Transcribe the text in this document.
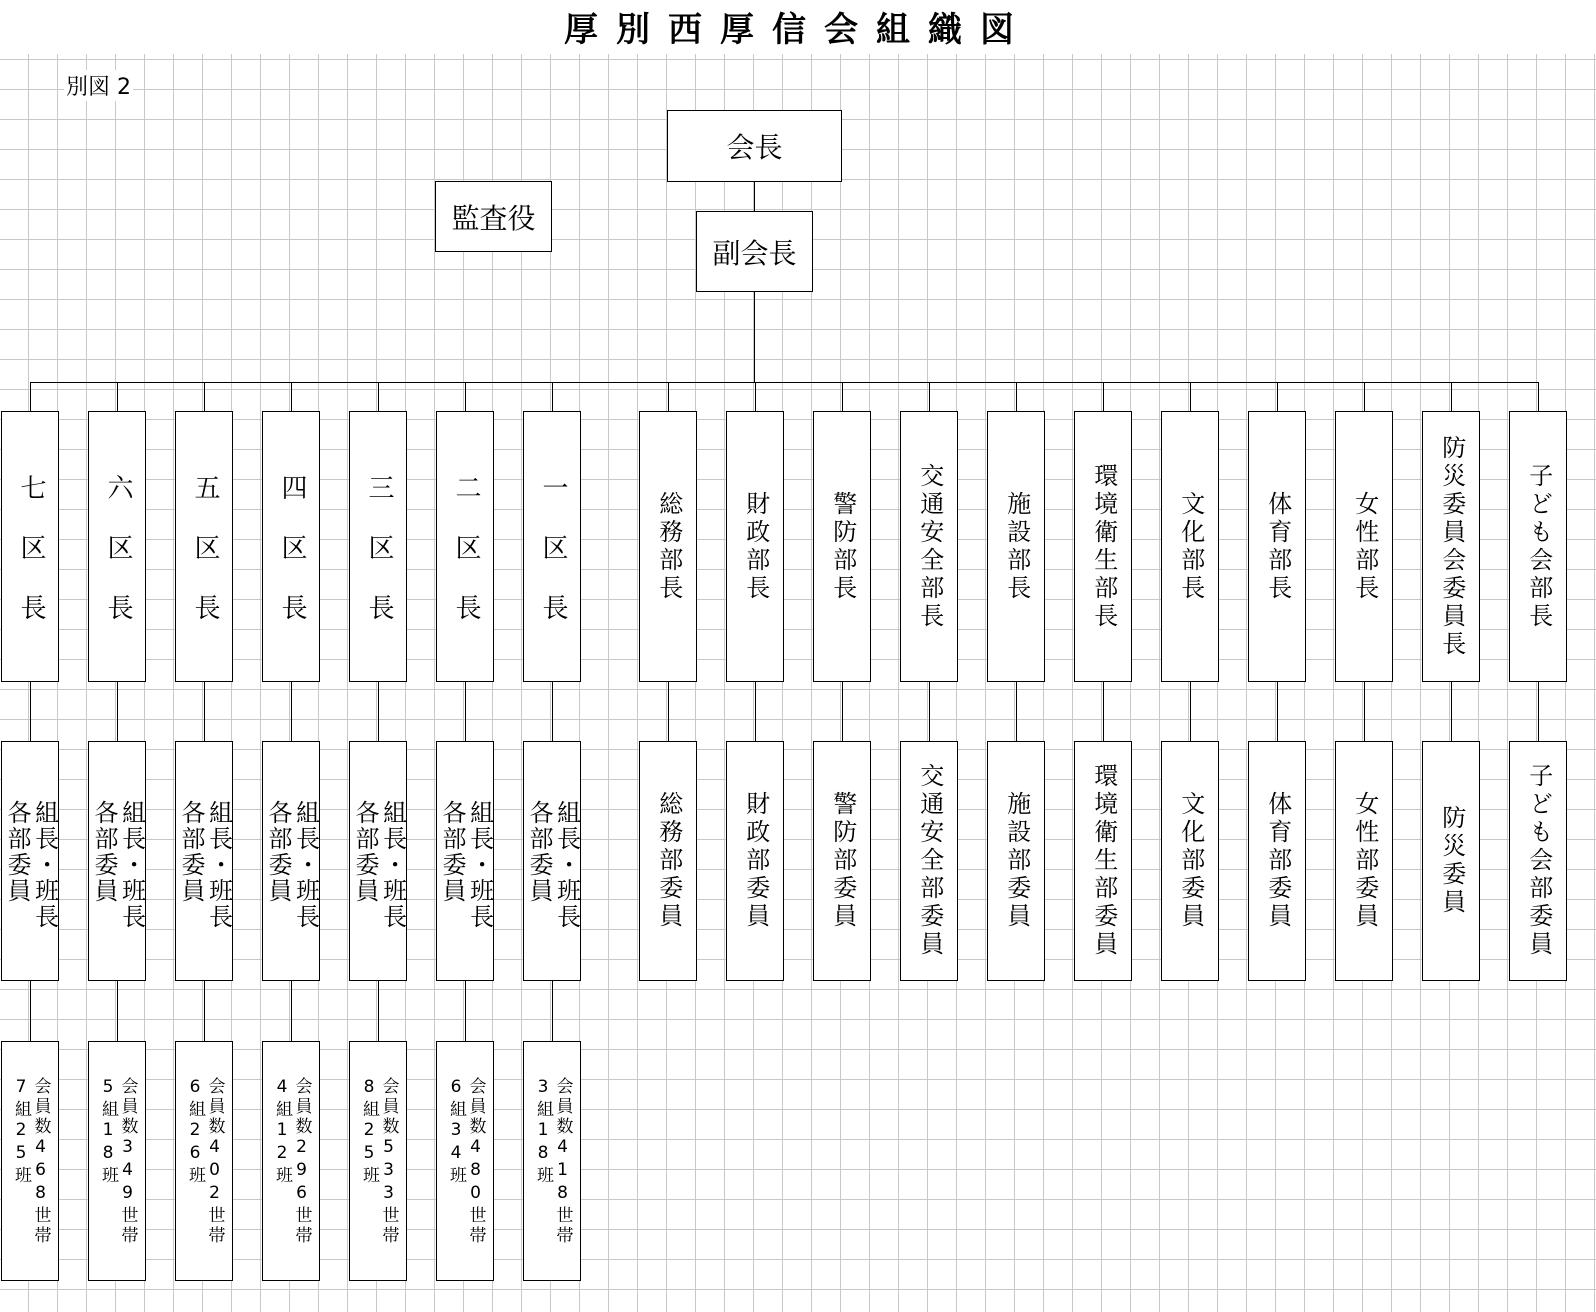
厚別西厚信会組織図
別図 2
会長
副会長
監査役
七区長
組長・班長
各部委員
会員数468世帯
7組25班
六区長
組長・班長
各部委員
会員数349世帯
5組18班
五区長
組長・班長
各部委員
会員数402世帯
6組26班
四区長
組長・班長
各部委員
会員数296世帯
4組12班
三区長
組長・班長
各部委員
会員数533世帯
8組25班
二区長
組長・班長
各部委員
会員数480世帯
6組34班
一区長
組長・班長
各部委員
会員数418世帯
3組18班
総務部長
総務部委員
財政部長
財政部委員
警防部長
警防部委員
交通安全部長
交通安全部委員
施設部長
施設部委員
環境衛生部長
環境衛生部委員
文化部長
文化部委員
体育部長
体育部委員
女性部長
女性部委員
防災委員会委員長
防災委員
子ども会部長
子ども会部委員
